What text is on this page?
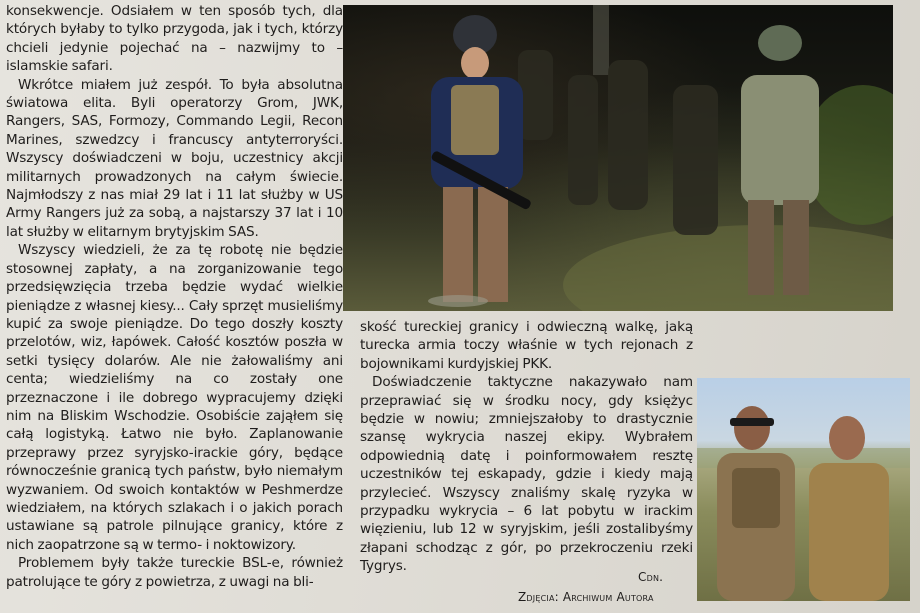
konsekwencje. Odsiałem w ten sposób tych, dla których byłaby to tylko przygoda, jak i tych, którzy chcieli jedynie pojechać na – nazwijmy to – islamskie safari.

Wkrótce miałem już zespół. To była absolutna światowa elita. Byli operatorzy Grom, JWK, Rangers, SAS, Formozy, Commando Legii, Recon Marines, szwedzcy i francuscy antyterroryści. Wszyscy doświadczeni w boju, uczestnicy akcji militarnych prowadzonych na całym świecie. Najmłodszy z nas miał 29 lat i 11 lat służby w US Army Rangers już za sobą, a najstarszy 37 lat i 10 lat służby w elitarnym brytyjskim SAS.

Wszyscy wiedzieli, że za tę robotę nie będzie stosownej zapłaty, a na zorganizowanie tego przedsięwzięcia trzeba będzie wydać wielkie pieniądze z własnej kiesy... Cały sprzęt musieliśmy kupić za swoje pieniądze. Do tego doszły koszty przelotów, wiz, łapówek. Całość kosztów poszła w setki tysięcy dolarów. Ale nie żałowaliśmy ani centa; wiedzieliśmy na co zostały one przeznaczone i ile dobrego wypracujemy dzięki nim na Bliskim Wschodzie. Osobiście zająłem się całą logistyką. Łatwo nie było. Zaplanowanie przeprawy przez syryjsko-irackie góry, będące równocześnie granicą tych państw, było niemałym wyzwaniem. Od swoich kontaktów w Peshmerdze wiedziałem, na których szlakach i o jakich porach ustawiane są patrole pilnujące granicy, które z nich zaopatrzone są w termo- i noktowizory.

Problemem były także tureckie BSL-e, również patrolujące te góry z powietrza, z uwagi na bli-

skość tureckiej granicy i odwieczną walkę, jaką turecka armia toczy właśnie w tych rejonach z bojownikami kurdyjskiej PKK.

Doświadczenie taktyczne nakazywało nam przeprawiać się w środku nocy, gdy księżyc będzie w nowiu; zmniejszałoby to drastycznie szansę wykrycia naszej ekipy. Wybrałem odpowiednią datę i poinformowałem resztę uczestników tej eskapady, gdzie i kiedy mają przylecieć. Wszyscy znaliśmy skalę ryzyka w przypadku wykrycia – 6 lat pobytu w irackim więzieniu, lub 12 w syryjskim, jeśli zostalibyśmy złapani schodząc z gór, po przekroczeniu rzeki Tygrys.

Cdn.
Zdjęcia: Archiwum Autora
